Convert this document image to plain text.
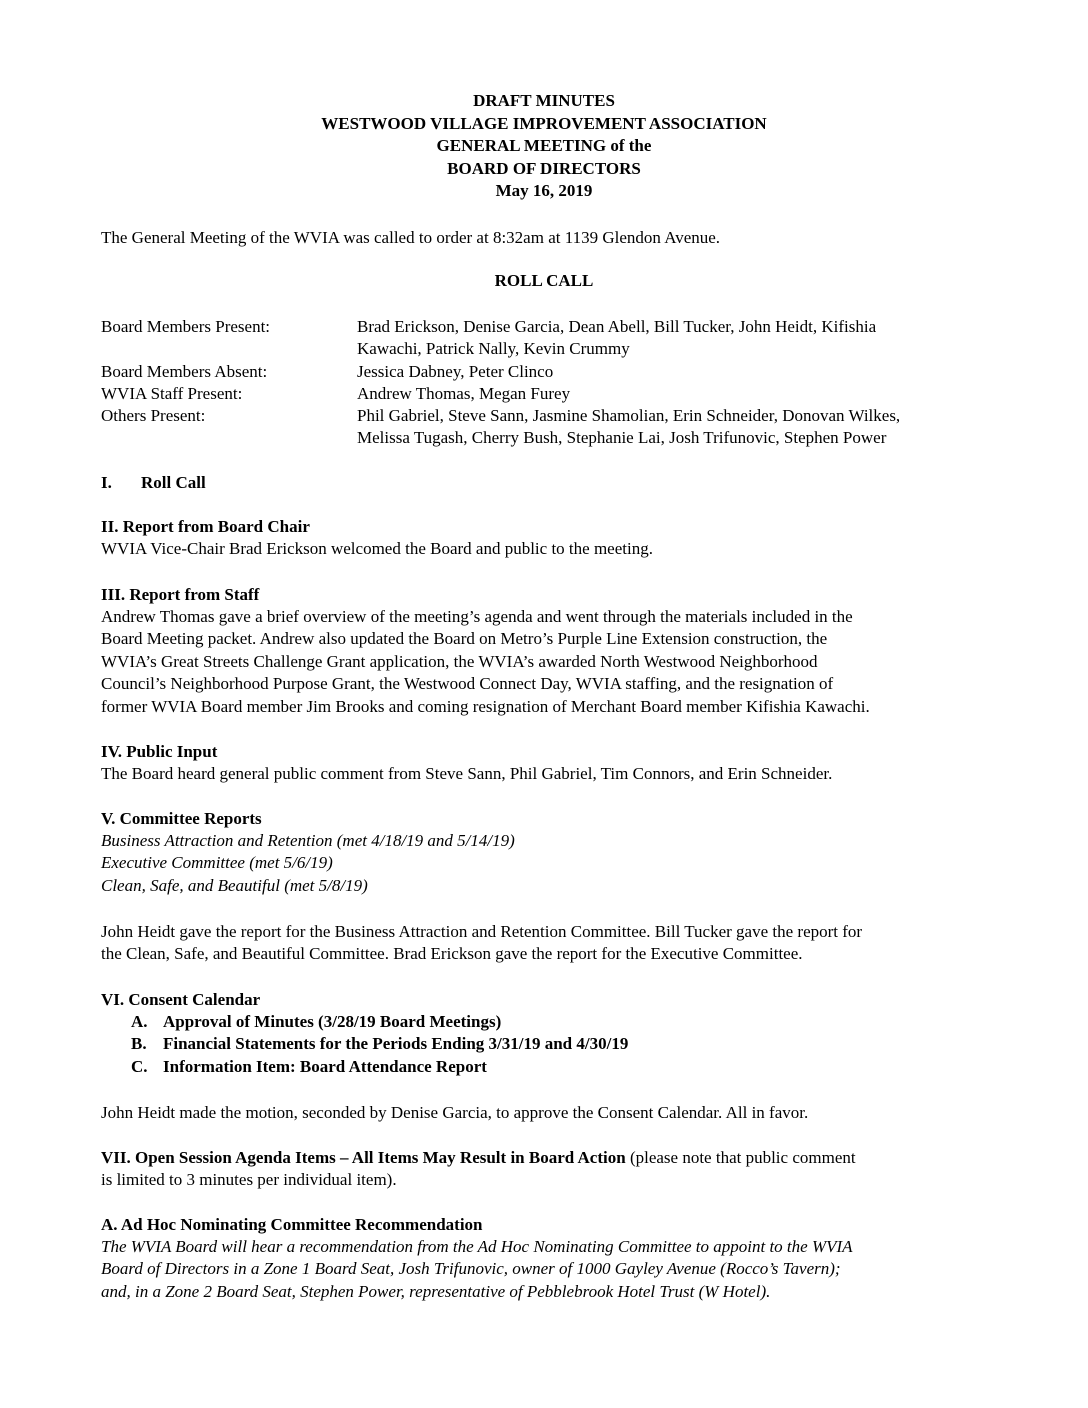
DRAFT MINUTES
WESTWOOD VILLAGE IMPROVEMENT ASSOCIATION
GENERAL MEETING of the
BOARD OF DIRECTORS
May 16, 2019
The General Meeting of the WVIA was called to order at 8:32am at 1139 Glendon Avenue.
ROLL CALL
Board Members Present:	Brad Erickson, Denise Garcia, Dean Abell, Bill Tucker, John Heidt, Kifishia
Kawachi, Patrick Nally, Kevin Crummy
Board Members Absent:	Jessica Dabney, Peter Clinco
WVIA Staff Present:	Andrew Thomas, Megan Furey
Others Present:	Phil Gabriel, Steve Sann, Jasmine Shamolian, Erin Schneider, Donovan Wilkes,
Melissa Tugash, Cherry Bush, Stephanie Lai, Josh Trifunovic, Stephen Power
I. Roll Call
II. Report from Board Chair
WVIA Vice-Chair Brad Erickson welcomed the Board and public to the meeting.
III. Report from Staff
Andrew Thomas gave a brief overview of the meeting’s agenda and went through the materials included in the
Board Meeting packet. Andrew also updated the Board on Metro’s Purple Line Extension construction, the
WVIA’s Great Streets Challenge Grant application, the WVIA’s awarded North Westwood Neighborhood
Council’s Neighborhood Purpose Grant, the Westwood Connect Day, WVIA staffing, and the resignation of
former WVIA Board member Jim Brooks and coming resignation of Merchant Board member Kifishia Kawachi.
IV. Public Input
The Board heard general public comment from Steve Sann, Phil Gabriel, Tim Connors, and Erin Schneider.
V. Committee Reports
Business Attraction and Retention (met 4/18/19 and 5/14/19)
Executive Committee (met 5/6/19)
Clean, Safe, and Beautiful (met 5/8/19)
John Heidt gave the report for the Business Attraction and Retention Committee. Bill Tucker gave the report for
the Clean, Safe, and Beautiful Committee. Brad Erickson gave the report for the Executive Committee.
VI. Consent Calendar
A. Approval of Minutes (3/28/19 Board Meetings)
B. Financial Statements for the Periods Ending 3/31/19 and 4/30/19
C. Information Item: Board Attendance Report
John Heidt made the motion, seconded by Denise Garcia, to approve the Consent Calendar. All in favor.
VII. Open Session Agenda Items – All Items May Result in Board Action (please note that public comment
is limited to 3 minutes per individual item).
A. Ad Hoc Nominating Committee Recommendation
The WVIA Board will hear a recommendation from the Ad Hoc Nominating Committee to appoint to the WVIA
Board of Directors in a Zone 1 Board Seat, Josh Trifunovic, owner of 1000 Gayley Avenue (Rocco’s Tavern);
and, in a Zone 2 Board Seat, Stephen Power, representative of Pebblebrook Hotel Trust (W Hotel).
